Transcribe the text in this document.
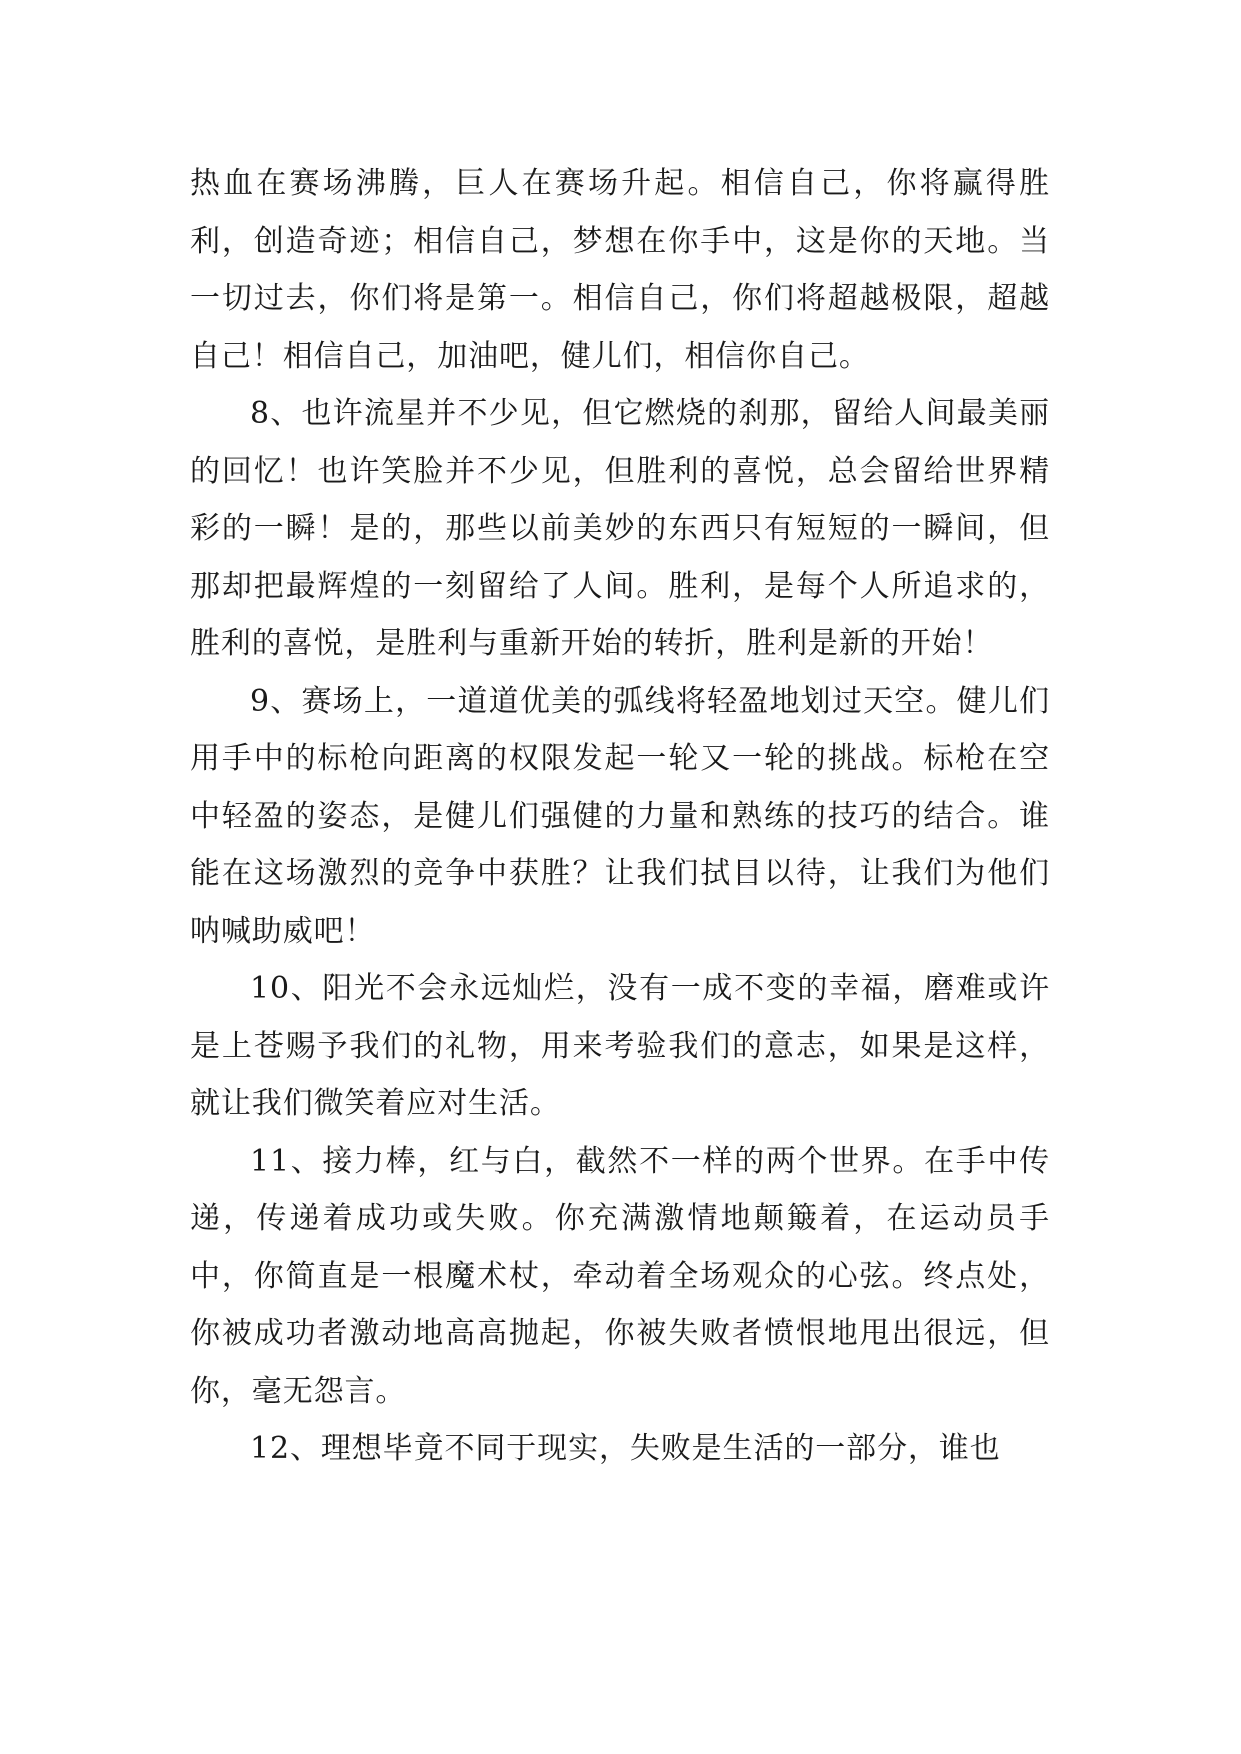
热血在赛场沸腾，巨人在赛场升起。相信自己，你将赢得胜利，创造奇迹；相信自己，梦想在你手中，这是你的天地。当一切过去，你们将是第一。相信自己，你们将超越极限，超越自己！相信自己，加油吧，健儿们，相信你自己。

8、也许流星并不少见，但它燃烧的刹那，留给人间最美丽的回忆！也许笑脸并不少见，但胜利的喜悦，总会留给世界精彩的一瞬！是的，那些以前美妙的东西只有短短的一瞬间，但那却把最辉煌的一刻留给了人间。胜利，是每个人所追求的，胜利的喜悦，是胜利与重新开始的转折，胜利是新的开始！

9、赛场上，一道道优美的弧线将轻盈地划过天空。健儿们用手中的标枪向距离的权限发起一轮又一轮的挑战。标枪在空中轻盈的姿态，是健儿们强健的力量和熟练的技巧的结合。谁能在这场激烈的竞争中获胜？让我们拭目以待，让我们为他们呐喊助威吧！

10、阳光不会永远灿烂，没有一成不变的幸福，磨难或许是上苍赐予我们的礼物，用来考验我们的意志，如果是这样，就让我们微笑着应对生活。

11、接力棒，红与白，截然不一样的两个世界。在手中传递，传递着成功或失败。你充满激情地颠簸着，在运动员手中，你简直是一根魔术杖，牵动着全场观众的心弦。终点处，你被成功者激动地高高抛起，你被失败者愤恨地甩出很远，但你，毫无怨言。

12、理想毕竟不同于现实，失败是生活的一部分，谁也
